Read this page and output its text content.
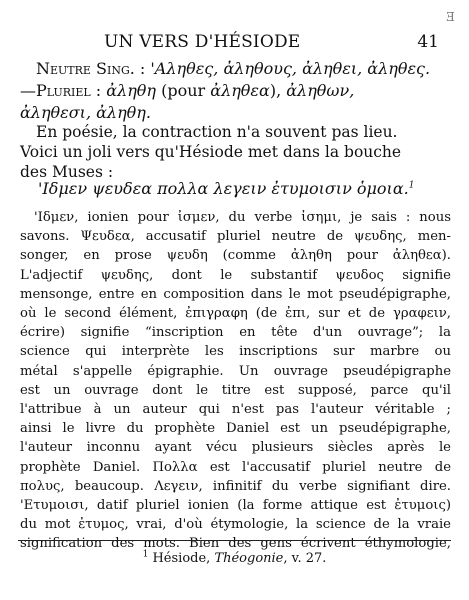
Ǝ
UN VERS D'HÉSIODE	41
Neutre Sing. : 'Αληθες, ἀληθους, ἀληθει, ἀληθες.
—Pluriel : ἀληθη (pour ἀληθεα), ἀληθων,
ἀληθεσι, ἀληθη.
En poésie, la contraction n'a souvent pas lieu.
Voici un joli vers qu'Hésiode met dans la bouche
des Muses :
'Ιδμεν ψευδεα πολλα λεγειν ἐτυμοισιν ὁμοια.$^1$
'Ιδμεν, ionien pour ἰσμεν, du verbe ἰσημι, je sais : nous
savons. Ψευδεα, accusatif pluriel neutre de ψευδης, men-
songer, en prose ψευδη (comme ἀληθη pour ἀληθεα).
L'adjectif ψευδης, dont le substantif ψευδος signifie
mensonge, entre en composition dans le mot pseudépigraphe,
où le second élément, ἐπιγραφη (de ἐπι, sur et de γραφειν,
écrire) signifie “inscription en tête d'un ouvrage”; la
science qui interprète les inscriptions sur marbre ou
métal s'appelle épigraphie. Un ouvrage pseudépigraphe
est un ouvrage dont le titre est supposé, parce qu'il
l'attribue à un auteur qui n'est pas l'auteur véritable ;
ainsi le livre du prophète Daniel est un pseudépigraphe,
l'auteur inconnu ayant vécu plusieurs siècles après le
prophète Daniel. Πολλα est l'accusatif pluriel neutre de
πολυς, beaucoup. Λεγειν, infinitif du verbe signifiant dire.
'Ετυμοισι, datif pluriel ionien (la forme attique est ἐτυμοις)
du mot ἐτυμος, vrai, d'où étymologie, la science de la vraie
signification des mots. Bien des gens écrivent éthymologie,
$^1$ Hésiode, Théogonie, v. 27.
